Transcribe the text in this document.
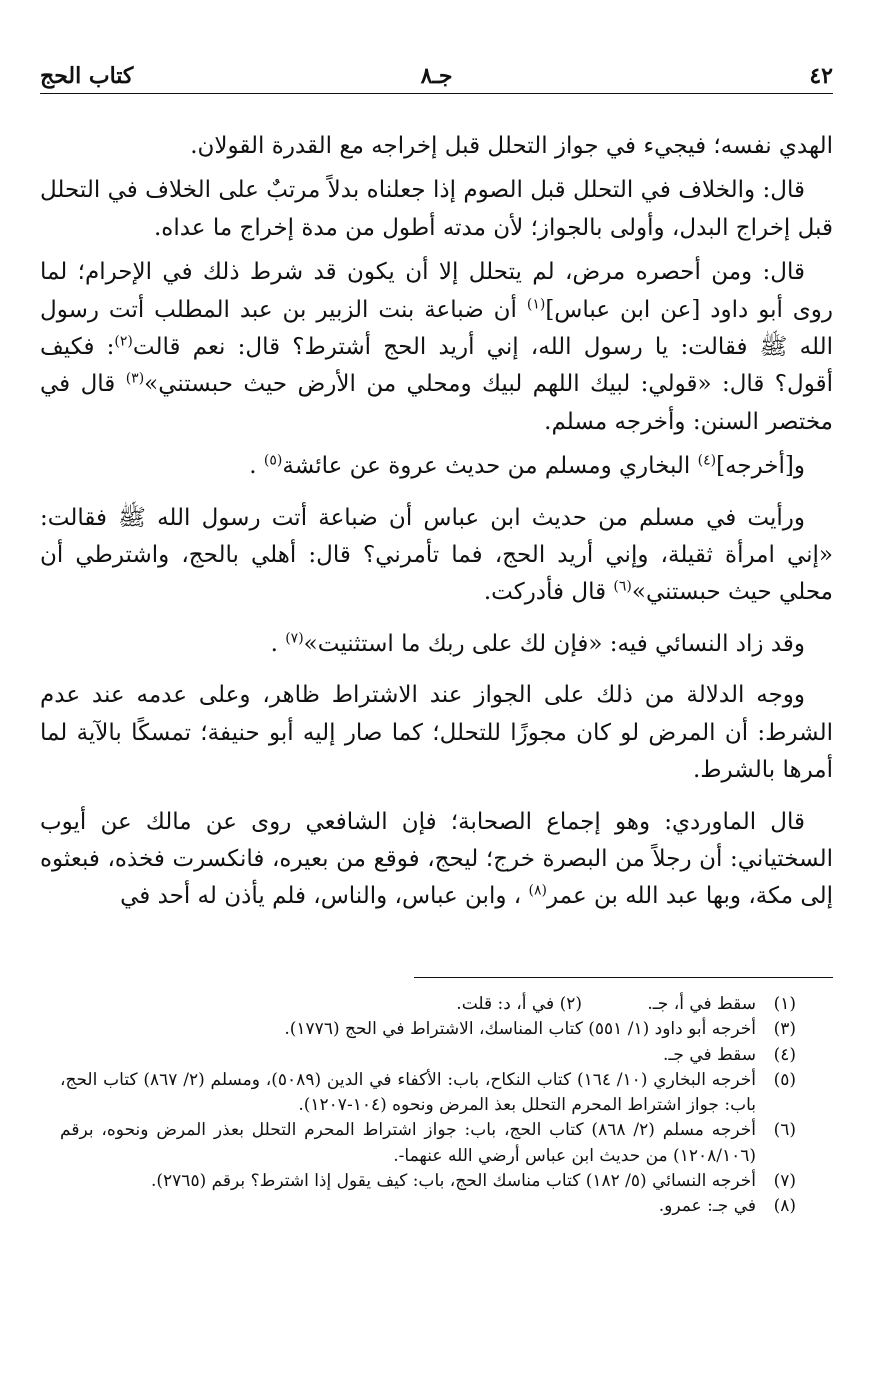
٤٢
جـ٨
كتاب الحج

الهدي نفسه؛ فيجيء في جواز التحلل قبل إخراجه مع القدرة القولان.

قال: والخلاف في التحلل قبل الصوم إذا جعلناه بدلاً مرتبٌ على الخلاف في التحلل قبل إخراج البدل، وأولى بالجواز؛ لأن مدته أطول من مدة إخراج ما عداه.

قال: ومن أحصره مرض، لم يتحلل إلا أن يكون قد شرط ذلك في الإحرام؛ لما روى أبو داود [عن ابن عباس]$^{(١)}$ أن ضباعة بنت الزبير بن عبد المطلب أتت رسول الله ﷺ فقالت: يا رسول الله، إني أريد الحج أشترط؟ قال: نعم قالت$^{(٢)}$: فكيف أقول؟ قال: «قولي: لبيك اللهم لبيك ومحلي من الأرض حيث حبستني»$^{(٣)}$ قال في مختصر السنن: وأخرجه مسلم.

و[أخرجه]$^{(٤)}$ البخاري ومسلم من حديث عروة عن عائشة$^{(٥)}$ .

ورأيت في مسلم من حديث ابن عباس أن ضباعة أتت رسول الله ﷺ فقالت: «إني امرأة ثقيلة، وإني أريد الحج، فما تأمرني؟ قال: أهلي بالحج، واشترطي أن محلي حيث حبستني»$^{(٦)}$ قال فأدركت.

وقد زاد النسائي فيه: «فإن لك على ربك ما استثنيت»$^{(٧)}$ .

ووجه الدلالة من ذلك على الجواز عند الاشتراط ظاهر، وعلى عدمه عند عدم الشرط: أن المرض لو كان مجوزًا للتحلل؛ كما صار إليه أبو حنيفة؛ تمسكًا بالآية لما أمرها بالشرط.

قال الماوردي: وهو إجماع الصحابة؛ فإن الشافعي روى عن مالك عن أيوب السختياني: أن رجلاً من البصرة خرج؛ ليحج، فوقع من بعيره، فانكسرت فخذه، فبعثوه إلى مكة، وبها عبد الله بن عمر$^{(٨)}$ ، وابن عباس، والناس، فلم يأذن له أحد في

(١)
سقط في أ، جـ. (٢) في أ، د: قلت.

(٣)
أخرجه أبو داود (١/ ٥٥١) كتاب المناسك، الاشتراط في الحج (١٧٧٦).

(٤)
سقط في جـ.

(٥)
أخرجه البخاري (١٠/ ١٦٤) كتاب النكاح، باب: الأكفاء في الدين (٥٠٨٩)، ومسلم (٢/ ٨٦٧) كتاب الحج، باب: جواز اشتراط المحرم التحلل بعذ المرض ونحوه (١٠٤-١٢٠٧).

(٦)
أخرجه مسلم (٢/ ٨٦٨) كتاب الحج، باب: جواز اشتراط المحرم التحلل بعذر المرض ونحوه، برقم (١٢٠٨/١٠٦) من حديث ابن عباس أرضي الله عنهما-.

(٧)
أخرجه النسائي (٥/ ١٨٢) كتاب مناسك الحج، باب: كيف يقول إذا اشترط؟ برقم (٢٧٦٥).

(٨)
في جـ: عمرو.
